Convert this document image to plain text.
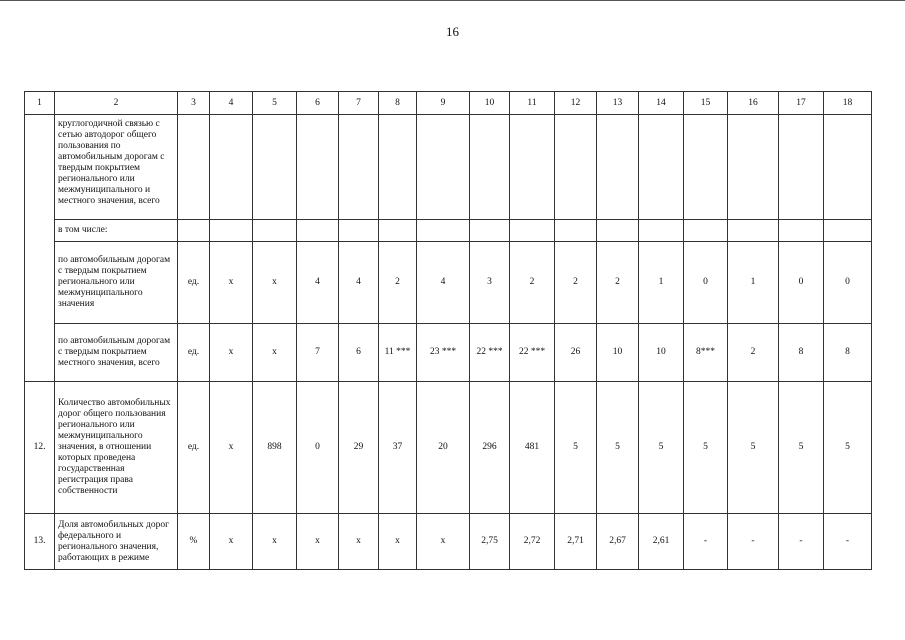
16
1	2	3	4	5	6	7	8	9	10	11	12	13	14	15	16	17	18
	круглогодичной связью с сетью автодорог общего пользования по автомобильным дорогам с твердым покрытием регионального или межмуниципального и местного значения, всего																
	в том числе:																
	по автомобильным дорогам с твердым покрытием регионального или межмуниципального значения	ед.	х	х	4	4	2	4	3	2	2	2	1	0	1	0	0
	по автомобильным дорогам с твердым покрытием местного значения, всего	ед.	х	х	7	6	11 ***	23 ***	22 ***	22 ***	26	10	10	8***	2	8	8
12.	Количество автомобильных дорог общего пользования регионального или межмуниципального значения, в отношении которых проведена государственная регистрация права собственности	ед.	х	898	0	29	37	20	296	481	5	5	5	5	5	5	5
13.	Доля автомобильных дорог федерального и регионального значения, работающих в режиме	%	х	х	х	х	х	х	2,75	2,72	2,71	2,67	2,61	-	-	-	-
